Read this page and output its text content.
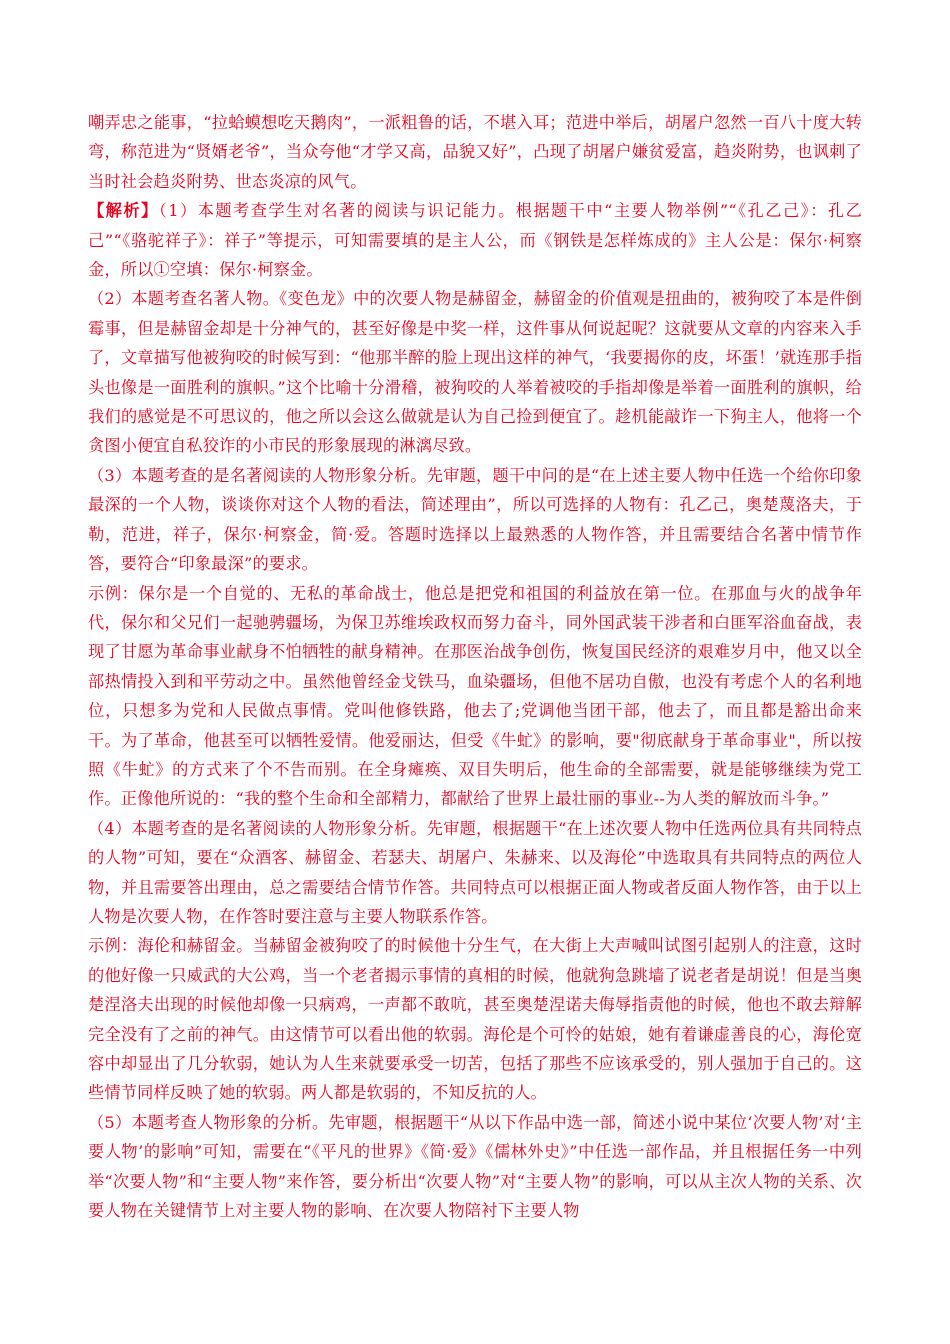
嘲弄忠之能事，“拉蛤蟆想吃天鹅肉”，一派粗鲁的话，不堪入耳；范进中举后，胡屠户忽然一百八十度大转弯，称范进为“贤婿老爷”，当众夸他“才学又高，品貌又好”，凸现了胡屠户嫌贫爱富，趋炎附势，也讽刺了当时社会趋炎附势、世态炎凉的风气。

【解析】（1）本题考查学生对名著的阅读与识记能力。根据题干中“主要人物举例”“《孔乙己》：孔乙己”“《骆驼祥子》：祥子”等提示，可知需要填的是主人公，而《钢铁是怎样炼成的》主人公是：保尔·柯察金，所以①空填：保尔·柯察金。

（2）本题考查名著人物。《变色龙》中的次要人物是赫留金，赫留金的价值观是扭曲的，被狗咬了本是件倒霉事，但是赫留金却是十分神气的，甚至好像是中奖一样，这件事从何说起呢？这就要从文章的内容来入手了，文章描写他被狗咬的时候写到：“他那半醉的脸上现出这样的神气，‘我要揭你的皮，坏蛋！’就连那手指头也像是一面胜利的旗帜。”这个比喻十分滑稽，被狗咬的人举着被咬的手指却像是举着一面胜利的旗帜，给我们的感觉是不可思议的，他之所以会这么做就是认为自己捡到便宜了。趁机能敲诈一下狗主人，他将一个贪图小便宜自私狡诈的小市民的形象展现的淋漓尽致。

（3）本题考查的是名著阅读的人物形象分析。先审题，题干中问的是“在上述主要人物中任选一个给你印象最深的一个人物，谈谈你对这个人物的看法，简述理由”，所以可选择的人物有：孔乙己，奥楚蔑洛夫，于勒，范进，祥子，保尔·柯察金，简·爱。答题时选择以上最熟悉的人物作答，并且需要结合名著中情节作答，要符合“印象最深”的要求。

示例：保尔是一个自觉的、无私的革命战士，他总是把党和祖国的利益放在第一位。在那血与火的战争年代，保尔和父兄们一起驰骋疆场，为保卫苏维埃政权而努力奋斗，同外国武装干涉者和白匪军浴血奋战，表现了甘愿为革命事业献身不怕牺牲的献身精神。在那医治战争创伤，恢复国民经济的艰难岁月中，他又以全部热情投入到和平劳动之中。虽然他曾经金戈铁马，血染疆场，但他不居功自傲，也没有考虑个人的名利地位，只想多为党和人民做点事情。党叫他修铁路，他去了;党调他当团干部，他去了，而且都是豁出命来干。为了革命，他甚至可以牺牲爱情。他爱丽达，但受《牛虻》的影响，要"彻底献身于革命事业"，所以按照《牛虻》的方式来了个不告而别。在全身瘫痪、双目失明后，他生命的全部需要，就是能够继续为党工作。正像他所说的：“我的整个生命和全部精力，都献给了世界上最壮丽的事业--为人类的解放而斗争。”

（4）本题考查的是名著阅读的人物形象分析。先审题，根据题干“在上述次要人物中任选两位具有共同特点的人物”可知，要在“众酒客、赫留金、若瑟夫、胡屠户、朱赫来、以及海伦”中选取具有共同特点的两位人物，并且需要答出理由，总之需要结合情节作答。共同特点可以根据正面人物或者反面人物作答，由于以上人物是次要人物，在作答时要注意与主要人物联系作答。

示例：海伦和赫留金。当赫留金被狗咬了的时候他十分生气，在大街上大声喊叫试图引起别人的注意，这时的他好像一只威武的大公鸡，当一个老者揭示事情的真相的时候，他就狗急跳墙了说老者是胡说！但是当奥楚涅洛夫出现的时候他却像一只病鸡，一声都不敢吭，甚至奥楚涅诺夫侮辱指责他的时候，他也不敢去辩解完全没有了之前的神气。由这情节可以看出他的软弱。海伦是个可怜的姑娘，她有着谦虚善良的心，海伦宽容中却显出了几分软弱，她认为人生来就要承受一切苦，包括了那些不应该承受的，别人强加于自己的。这些情节同样反映了她的软弱。两人都是软弱的，不知反抗的人。

（5）本题考查人物形象的分析。先审题，根据题干“从以下作品中选一部，简述小说中某位‘次要人物’对‘主要人物’的影响”可知，需要在“《平凡的世界》《简·爱》《儒林外史》”中任选一部作品，并且根据任务一中列举“次要人物”和“主要人物”来作答，要分析出“次要人物”对“主要人物”的影响，可以从主次人物的关系、次要人物在关键情节上对主要人物的影响、在次要人物陪衬下主要人物
